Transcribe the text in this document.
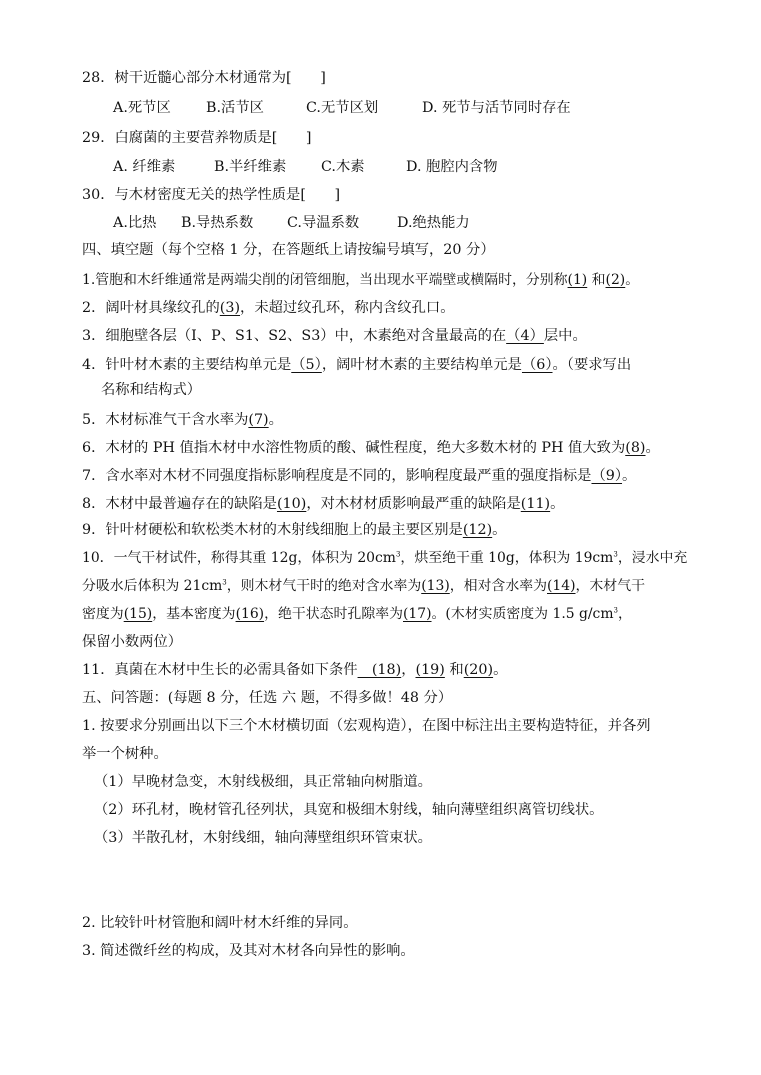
28．树干近髓心部分木材通常为[　　]
A.死节区 B.活节区	C.无节区划	D. 死节与活节同时存在
29．白腐菌的主要营养物质是[　　]
A. 纤维素	B.半纤维素 C.木素	D. 胞腔内含物
30．与木材密度无关的热学性质是[　　]
A.比热 B.导热系数 C.导温系数	D.绝热能力
四、填空题（每个空格 1 分，在答题纸上请按编号填写，20 分）
1.管胞和木纤维通常是两端尖削的闭管细胞，当出现水平端壁或横隔时，分别称(1) 和(2)。
2．阔叶材具缘纹孔的(3)，未超过纹孔环，称内含纹孔口。
3．细胞壁各层（I、P、S1、S2、S3）中，木素绝对含量最高的在（4）层中。
4．针叶材木素的主要结构单元是（5），阔叶材木素的主要结构单元是（6）。（要求写出
名称和结构式）
5．木材标准气干含水率为(7)。
6．木材的 PH 值指木材中水溶性物质的酸、碱性程度，绝大多数木材的 PH 值大致为(8)。
7．含水率对木材不同强度指标影响程度是不同的，影响程度最严重的强度指标是（9）。
8．木材中最普遍存在的缺陷是(10)，对木材材质影响最严重的缺陷是(11)。
9．针叶材硬松和软松类木材的木射线细胞上的最主要区别是(12)。
10．一气干材试件，称得其重 12g，体积为 $20cm^3$，烘至绝干重 10g，体积为 $19cm^3$，浸水中充
分吸水后体积为 $21cm^3$，则木材气干时的绝对含水率为(13)，相对含水率为(14)，木材气干
密度为(15)，基本密度为(16)，绝干状态时孔隙率为(17)。(木材实质密度为 1.5 $g/cm^3$，
保留小数两位）
11．真菌在木材中生长的必需具备如下条件　(18)，(19) 和(20)。
五、问答题：(每题 8 分，任选 六 题，不得多做！48 分）
1. 按要求分别画出以下三个木材横切面（宏观构造），在图中标注出主要构造特征，并各列
举一个树种。
（1）早晚材急变，木射线极细，具正常轴向树脂道。
（2）环孔材，晚材管孔径列状，具宽和极细木射线，轴向薄壁组织离管切线状。
（3）半散孔材，木射线细，轴向薄壁组织环管束状。
2. 比较针叶材管胞和阔叶材木纤维的异同。
3. 简述微纤丝的构成，及其对木材各向异性的影响。
